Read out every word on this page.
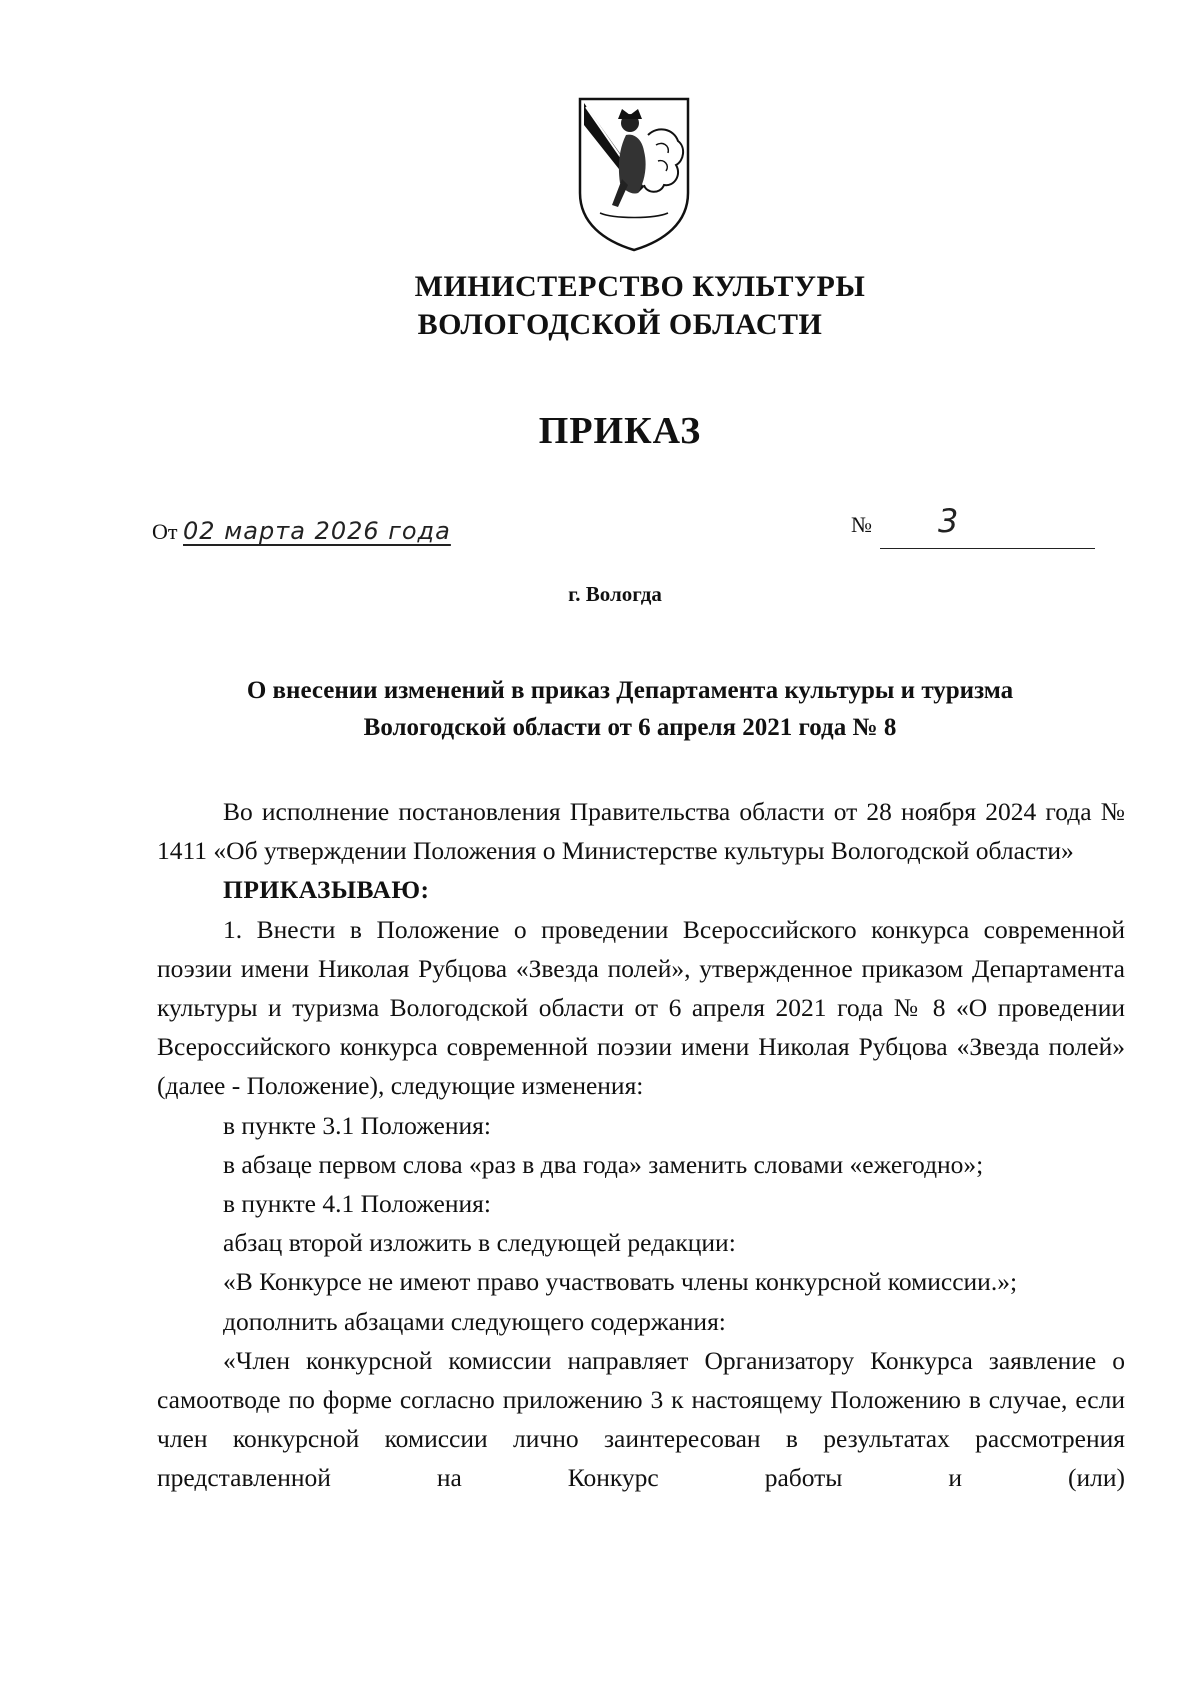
МИНИСТЕРСТВО КУЛЬТУРЫ
ВОЛОГОДСКОЙ ОБЛАСТИ
ПРИКАЗ
От 02 марта 2026 года	№ 3
г. Вологда
О внесении изменений в приказ Департамента культуры и туризма
Вологодской области от 6 апреля 2021 года № 8

Во исполнение постановления Правительства области от 28 ноября 2024 года № 1411 «Об утверждении Положения о Министерстве культуры Вологодской области»

ПРИКАЗЫВАЮ:

1. Внести в Положение о проведении Всероссийского конкурса современной поэзии имени Николая Рубцова «Звезда полей», утвержденное приказом Департамента культуры и туризма Вологодской области от 6 апреля 2021 года № 8 «О проведении Всероссийского конкурса современной поэзии имени Николая Рубцова «Звезда полей» (далее - Положение), следующие изменения:

в пункте 3.1 Положения:

в абзаце первом слова «раз в два года» заменить словами «ежегодно»;

в пункте 4.1 Положения:

абзац второй изложить в следующей редакции:

«В Конкурсе не имеют право участвовать члены конкурсной комиссии.»;

дополнить абзацами следующего содержания:

«Член конкурсной комиссии направляет Организатору Конкурса заявление о самоотводе по форме согласно приложению 3 к настоящему Положению в случае, если член конкурсной комиссии лично заинтересован в результатах рассмотрения представленной на Конкурс работы и (или)
